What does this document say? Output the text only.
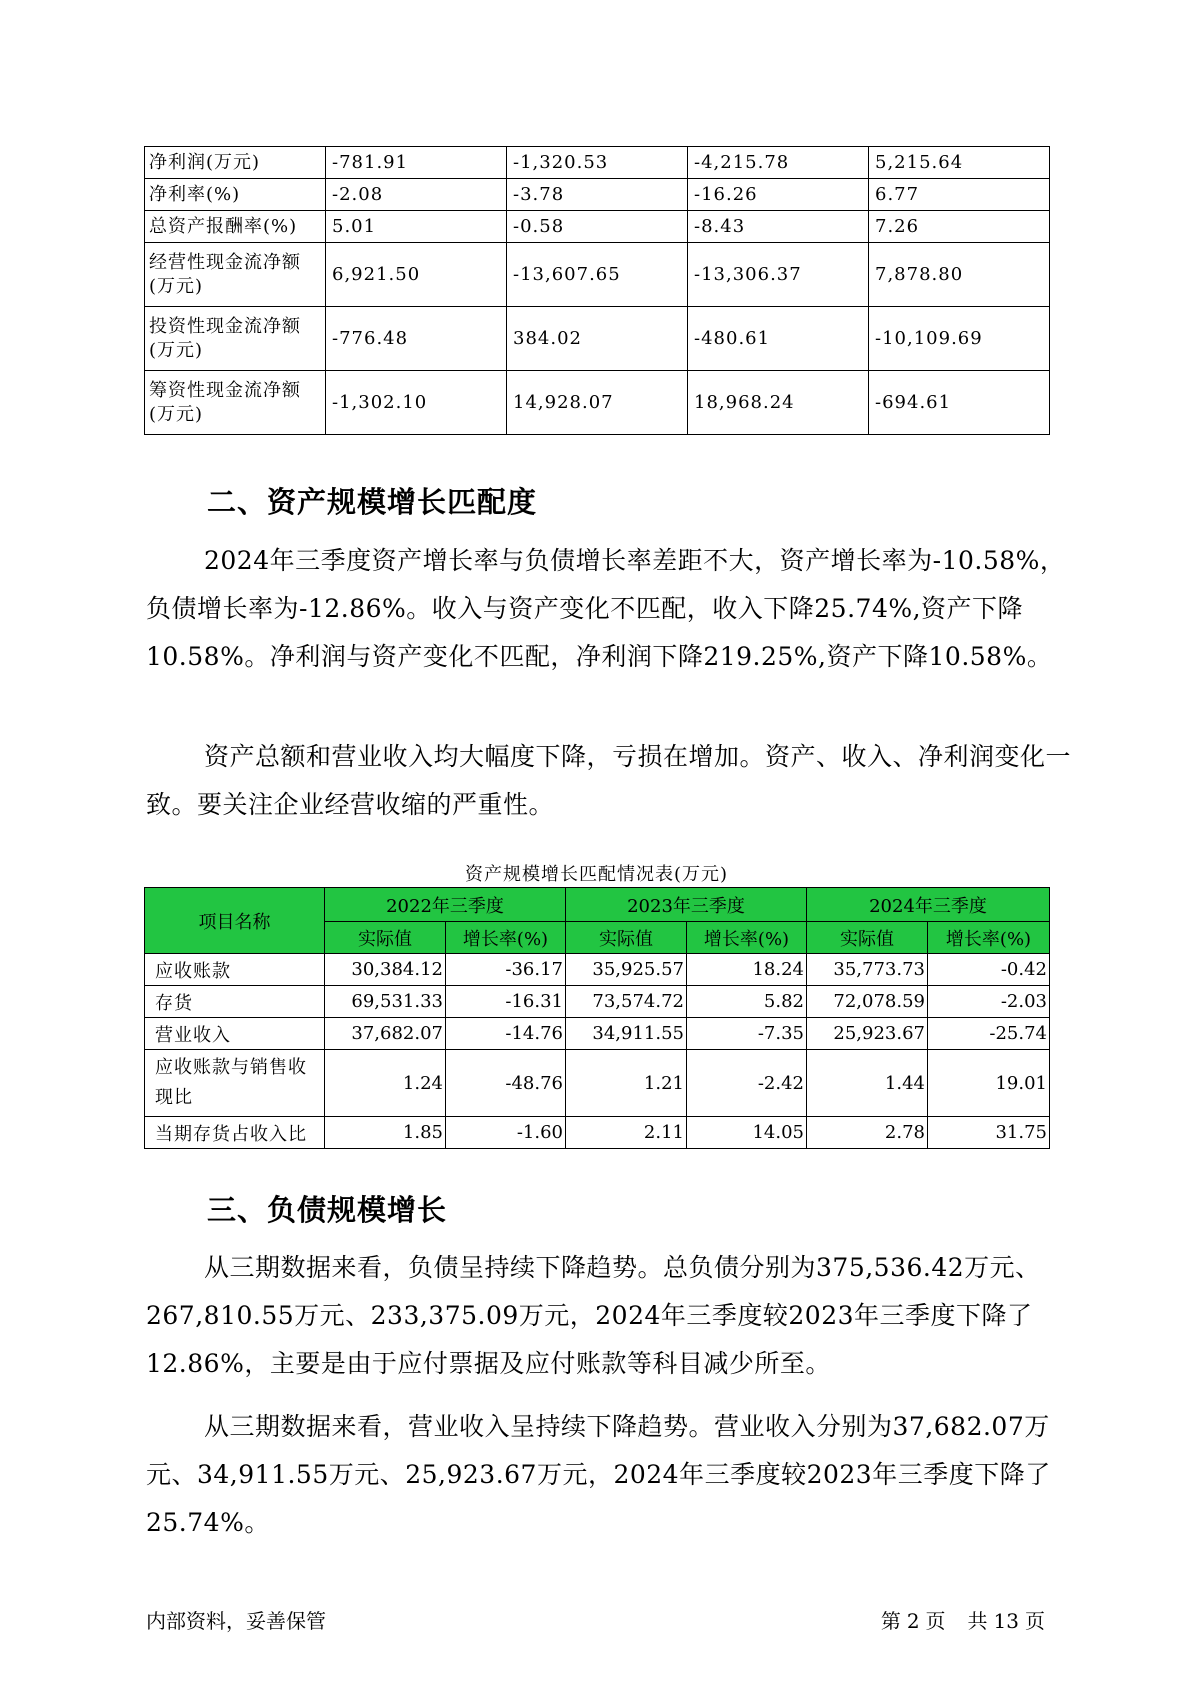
净利润(万元)	-781.91	-1,320.53	-4,215.78	5,215.64
净利率(%)	-2.08	-3.78	-16.26	6.77
总资产报酬率(%)	5.01	-0.58	-8.43	7.26
经营性现金流净额(万元)	6,921.50	-13,607.65	-13,306.37	7,878.80
投资性现金流净额(万元)	-776.48	384.02	-480.61	-10,109.69
筹资性现金流净额(万元)	-1,302.10	14,928.07	18,968.24	-694.61
二、资产规模增长匹配度

2024年三季度资产增长率与负债增长率差距不大，资产增长率为-10.58%，负债增长率为-12.86%。收入与资产变化不匹配，收入下降25.74%,资产下降10.58%。净利润与资产变化不匹配，净利润下降219.25%,资产下降10.58%。

资产总额和营业收入均大幅度下降，亏损在增加。资产、收入、净利润变化一致。要关注企业经营收缩的严重性。

资产规模增长匹配情况表(万元)
项目名称	2022年三季度		2023年三季度		2024年三季度	
	实际值	增长率(%)	实际值	增长率(%)	实际值	增长率(%)
应收账款	30,384.12	-36.17	35,925.57	18.24	35,773.73	-0.42
存货	69,531.33	-16.31	73,574.72	5.82	72,078.59	-2.03
营业收入	37,682.07	-14.76	34,911.55	-7.35	25,923.67	-25.74
应收账款与销售收现比	1.24	-48.76	1.21	-2.42	1.44	19.01
当期存货占收入比	1.85	-1.60	2.11	14.05	2.78	31.75
三、负债规模增长

从三期数据来看，负债呈持续下降趋势。总负债分别为375,536.42万元、267,810.55万元、233,375.09万元，2024年三季度较2023年三季度下降了12.86%，主要是由于应付票据及应付账款等科目减少所至。

从三期数据来看，营业收入呈持续下降趋势。营业收入分别为37,682.07万元、34,911.55万元、25,923.67万元，2024年三季度较2023年三季度下降了25.74%。

内部资料，妥善保管	第 2 页 共 13 页
